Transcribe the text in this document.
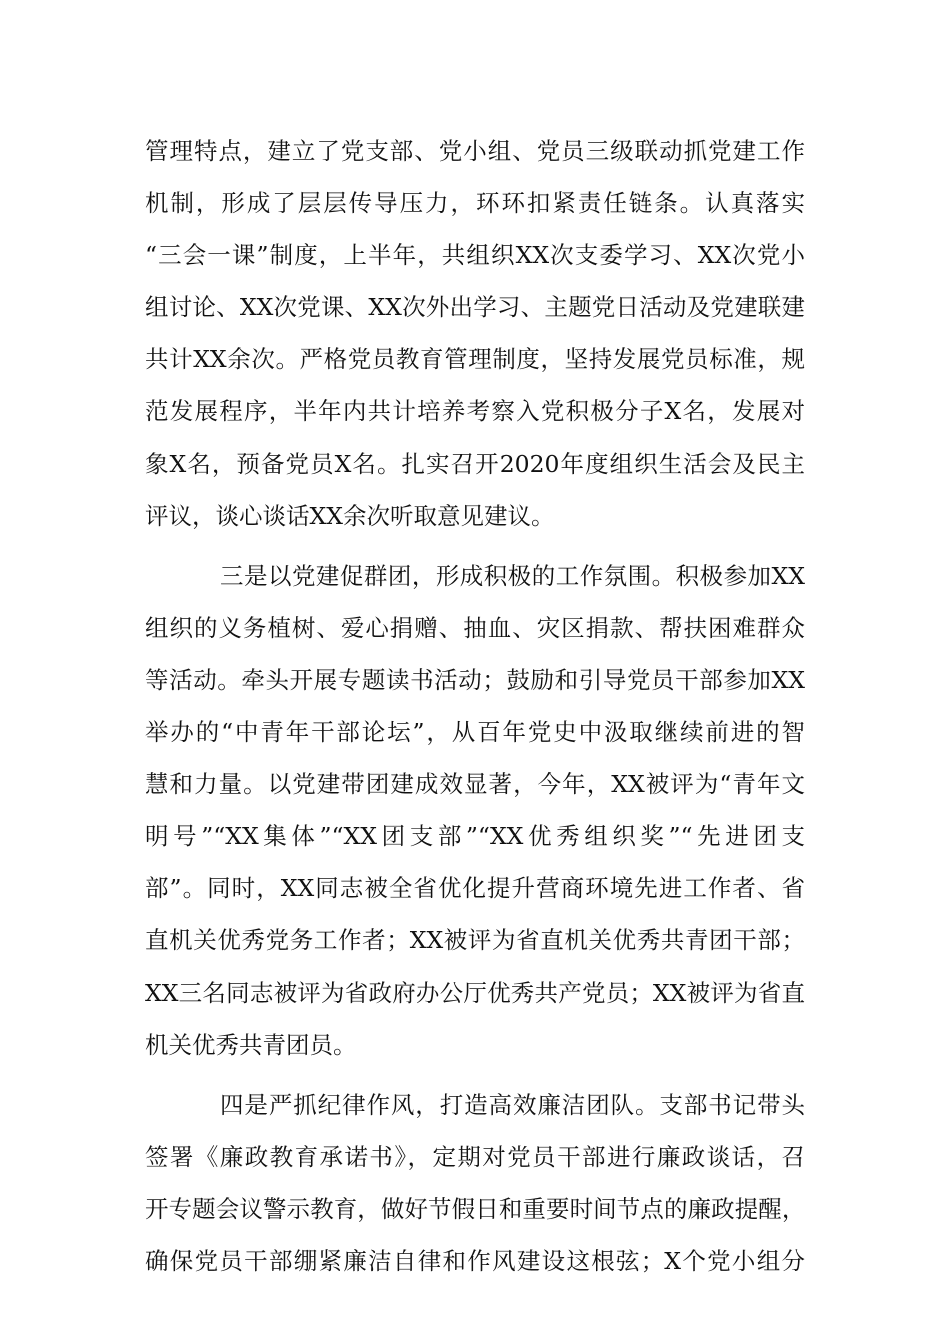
管理特点，建立了党支部、党小组、党员三级联动抓党建工作
机制，形成了层层传导压力，环环扣紧责任链条。认真落实
“三会一课”制度，上半年，共组织XX次支委学习、XX次党小
组讨论、XX次党课、XX次外出学习、主题党日活动及党建联建
共计XX余次。严格党员教育管理制度，坚持发展党员标准，规
范发展程序，半年内共计培养考察入党积极分子X名，发展对
象X名，预备党员X名。扎实召开2020年度组织生活会及民主
评议，谈心谈话XX余次听取意见建议。
三是以党建促群团，形成积极的工作氛围。积极参加XX
组织的义务植树、爱心捐赠、抽血、灾区捐款、帮扶困难群众
等活动。牵头开展专题读书活动；鼓励和引导党员干部参加XX
举办的“中青年干部论坛”，从百年党史中汲取继续前进的智
慧和力量。以党建带团建成效显著，今年，XX被评为“青年文
明号”“XX集体”“XX团支部”“XX优秀组织奖”“先进团支
部”。同时，XX同志被全省优化提升营商环境先进工作者、省
直机关优秀党务工作者；XX被评为省直机关优秀共青团干部；
XX三名同志被评为省政府办公厅优秀共产党员；XX被评为省直
机关优秀共青团员。
四是严抓纪律作风，打造高效廉洁团队。支部书记带头
签署《廉政教育承诺书》，定期对党员干部进行廉政谈话，召
开专题会议警示教育，做好节假日和重要时间节点的廉政提醒，
确保党员干部绷紧廉洁自律和作风建设这根弦；X个党小组分
